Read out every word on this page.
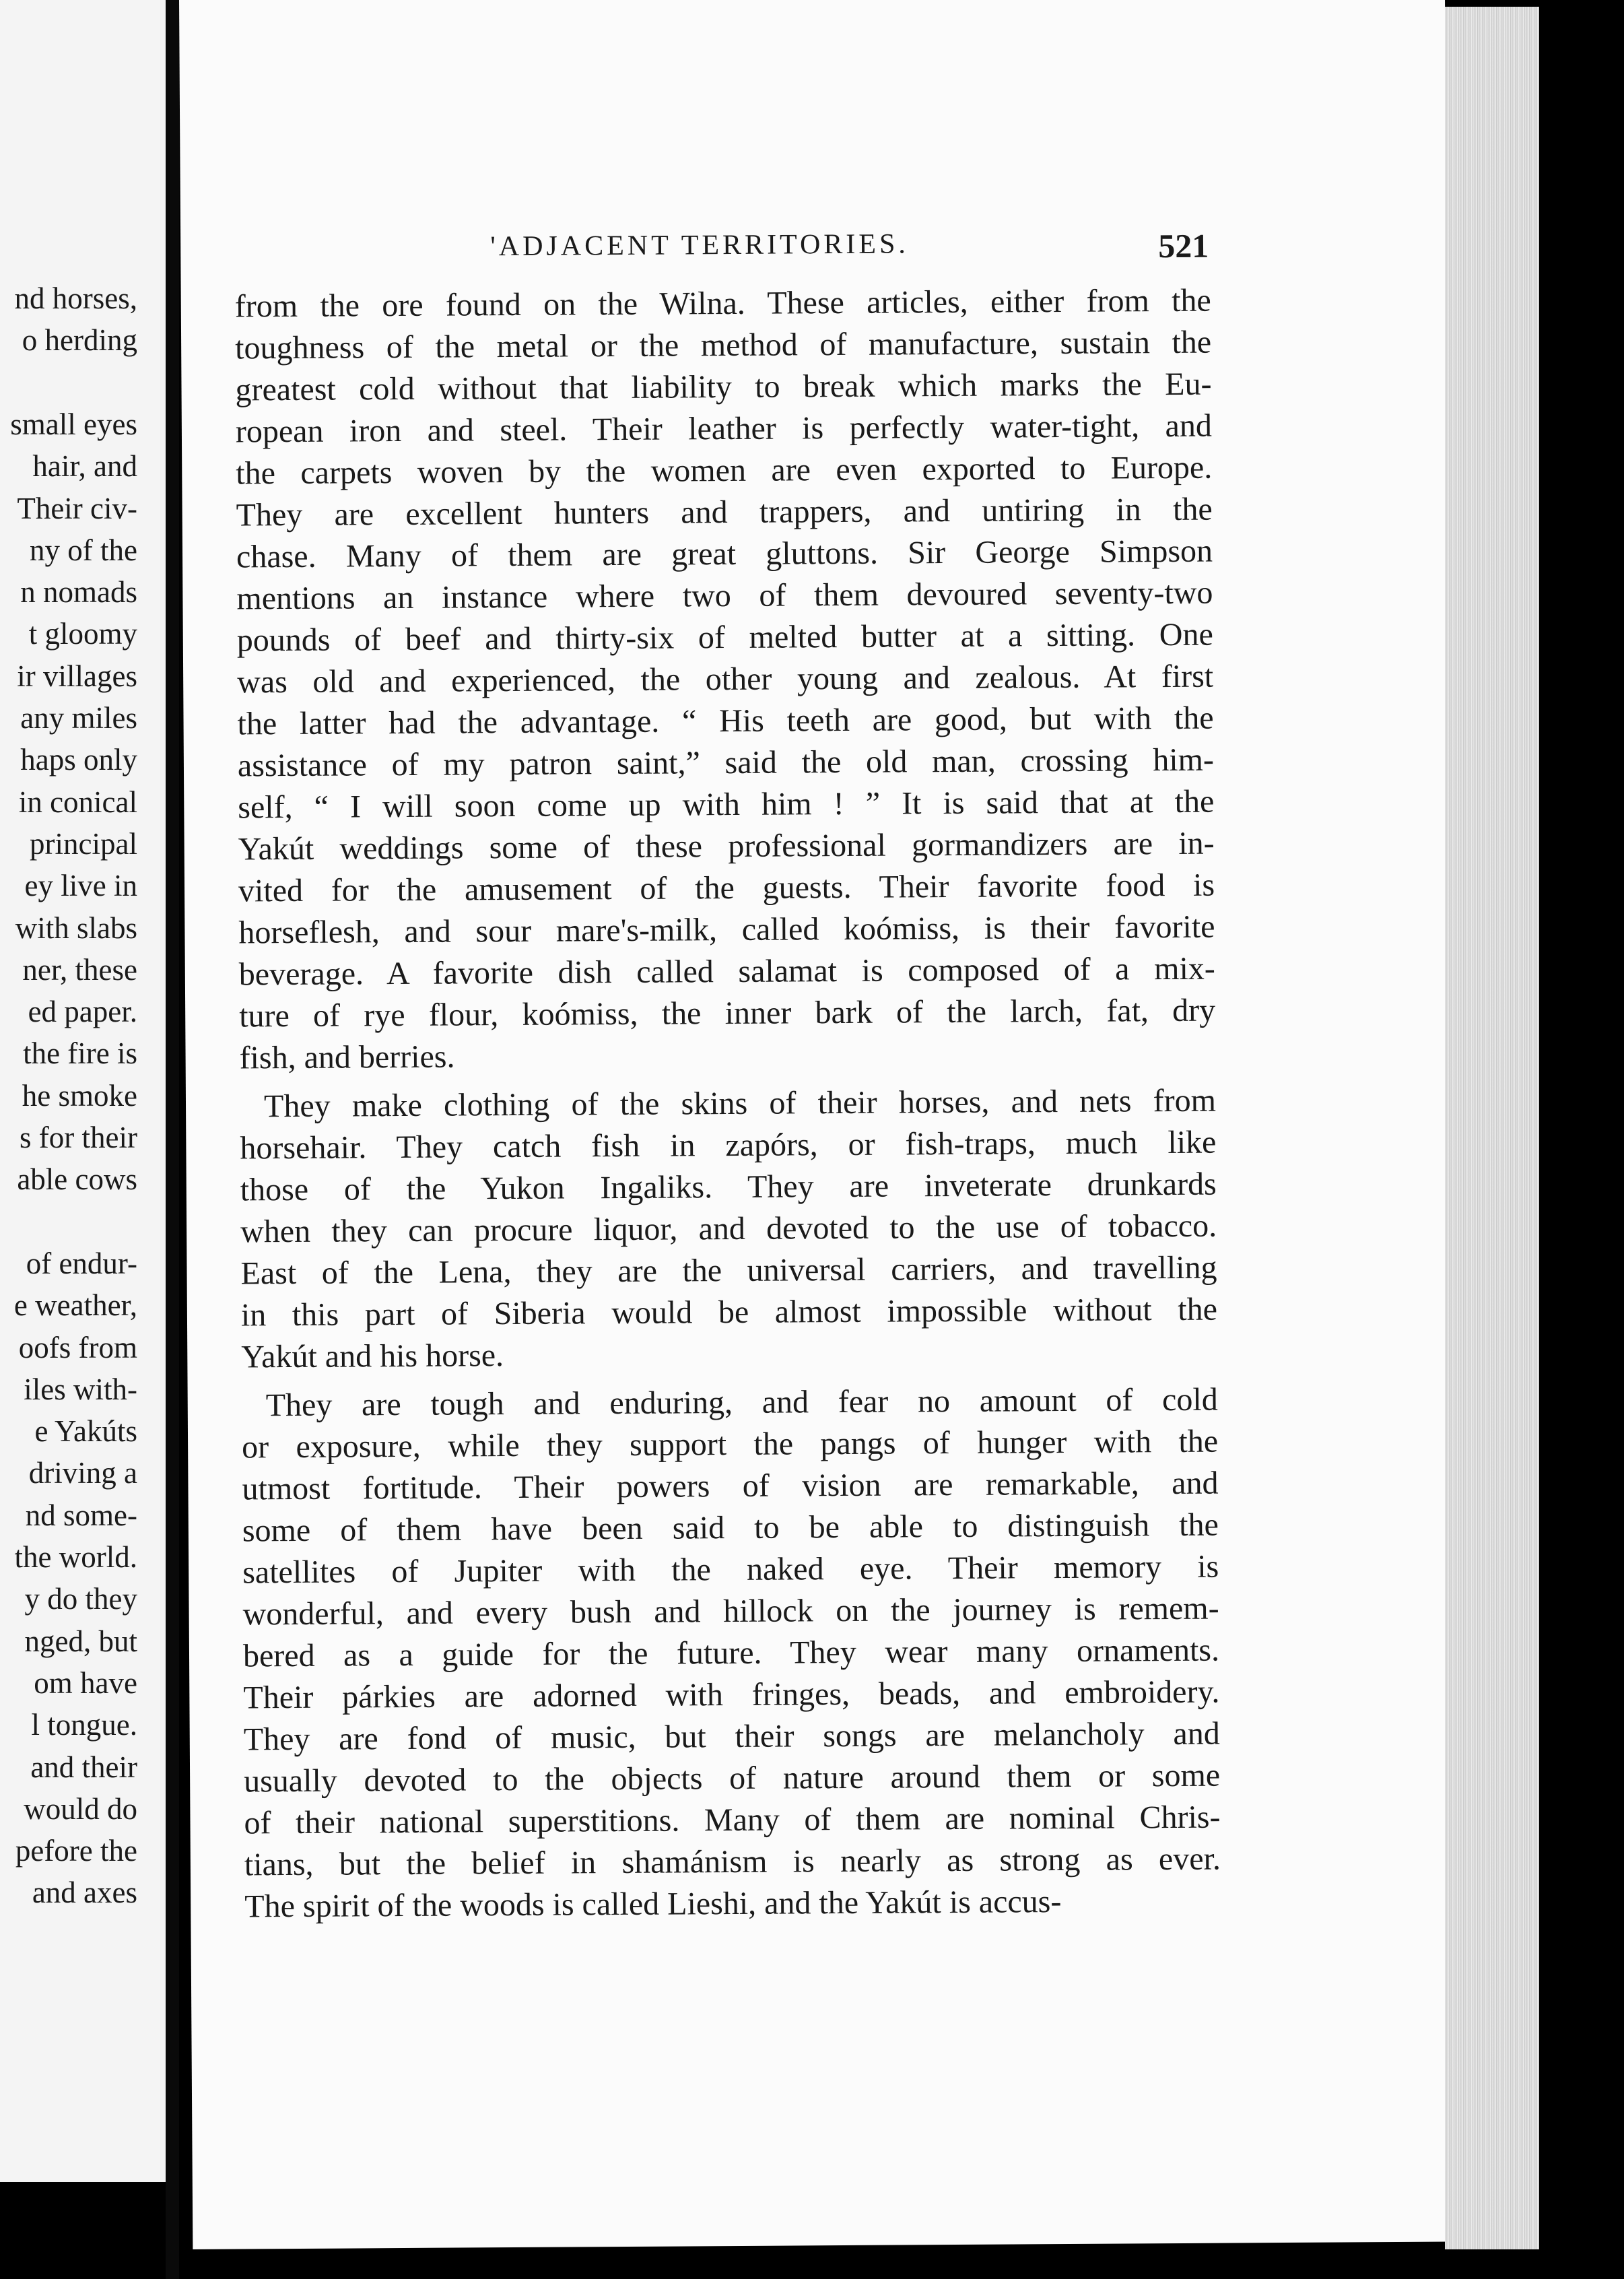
nd horses,
o herding
small eyes
hair, and
Their civ-
ny of the
n nomads
t gloomy
ir villages
any miles
haps only
in conical
principal
ey live in
with slabs
ner, these
ed paper.
the fire is
he smoke
s for their
able cows
of endur-
e weather,
oofs from
iles with-
e Yakúts
driving a
nd some-
the world.
y do they
nged, but
om have
l tongue.
and their
would do
pefore the
and axes
'ADJACENT TERRITORIES.	521
from the ore found on the Wilna. These articles, either from the
toughness of the metal or the method of manufacture, sustain the
greatest cold without that liability to break which marks the Eu-
ropean iron and steel. Their leather is perfectly water-tight, and
the carpets woven by the women are even exported to Europe.
They are excellent hunters and trappers, and untiring in the
chase. Many of them are great gluttons. Sir George Simpson
mentions an instance where two of them devoured seventy-two
pounds of beef and thirty-six of melted butter at a sitting. One
was old and experienced, the other young and zealous. At first
the latter had the advantage. “ His teeth are good, but with the
assistance of my patron saint,” said the old man, crossing him-
self, “ I will soon come up with him ! ” It is said that at the
Yakút weddings some of these professional gormandizers are in-
vited for the amusement of the guests. Their favorite food is
horseflesh, and sour mare's-milk, called koómiss, is their favorite
beverage. A favorite dish called salamat is composed of a mix-
ture of rye flour, koómiss, the inner bark of the larch, fat, dry
fish, and berries.
They make clothing of the skins of their horses, and nets from
horsehair. They catch fish in zapórs, or fish-traps, much like
those of the Yukon Ingaliks. They are inveterate drunkards
when they can procure liquor, and devoted to the use of tobacco.
East of the Lena, they are the universal carriers, and travelling
in this part of Siberia would be almost impossible without the
Yakút and his horse.
They are tough and enduring, and fear no amount of cold
or exposure, while they support the pangs of hunger with the
utmost fortitude. Their powers of vision are remarkable, and
some of them have been said to be able to distinguish the
satellites of Jupiter with the naked eye. Their memory is
wonderful, and every bush and hillock on the journey is remem-
bered as a guide for the future. They wear many ornaments.
Their párkies are adorned with fringes, beads, and embroidery.
They are fond of music, but their songs are melancholy and
usually devoted to the objects of nature around them or some
of their national superstitions. Many of them are nominal Chris-
tians, but the belief in shamánism is nearly as strong as ever.
The spirit of the woods is called Lieshi, and the Yakút is accus-
